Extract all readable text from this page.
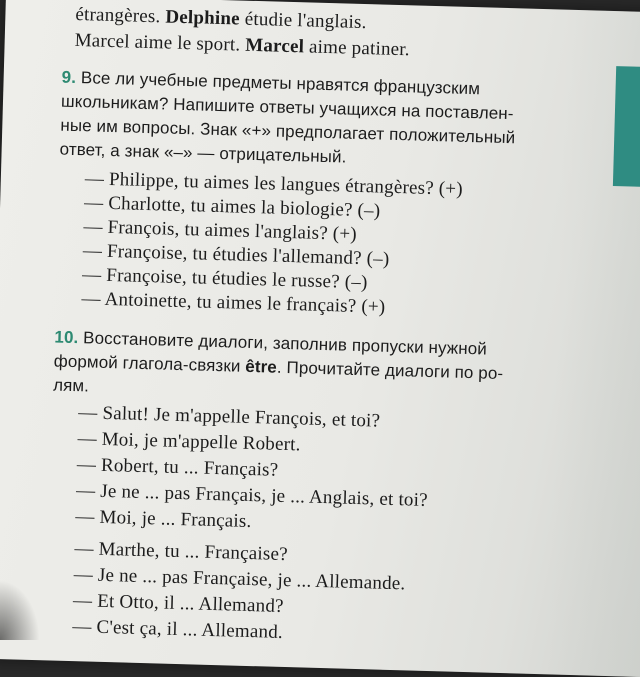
étrangères. Delphine étudie l'anglais.
Marcel aime le sport. Marcel aime patiner.
9. Все ли учебные предметы нравятся французским
школьникам? Напишите ответы учащихся на поставлен-
ные им вопросы. Знак «+» предполагает положительный
ответ, а знак «–» — отрицательный.
— Philippe, tu aimes les langues étrangères? (+)
— Charlotte, tu aimes la biologie? (–)
— François, tu aimes l'anglais? (+)
— Françoise, tu étudies l'allemand? (–)
— Françoise, tu étudies le russe? (–)
— Antoinette, tu aimes le français? (+)
10. Восстановите диалоги, заполнив пропуски нужной
формой глагола-связки être. Прочитайте диалоги по ро-
лям.
— Salut! Je m'appelle François, et toi?
— Moi, je m'appelle Robert.
— Robert, tu ... Français?
— Je ne ... pas Français, je ... Anglais, et toi?
— Moi, je ... Français.
— Marthe, tu ... Française?
— Je ne ... pas Française, je ... Allemande.
— Et Otto, il ... Allemand?
— C'est ça, il ... Allemand.
